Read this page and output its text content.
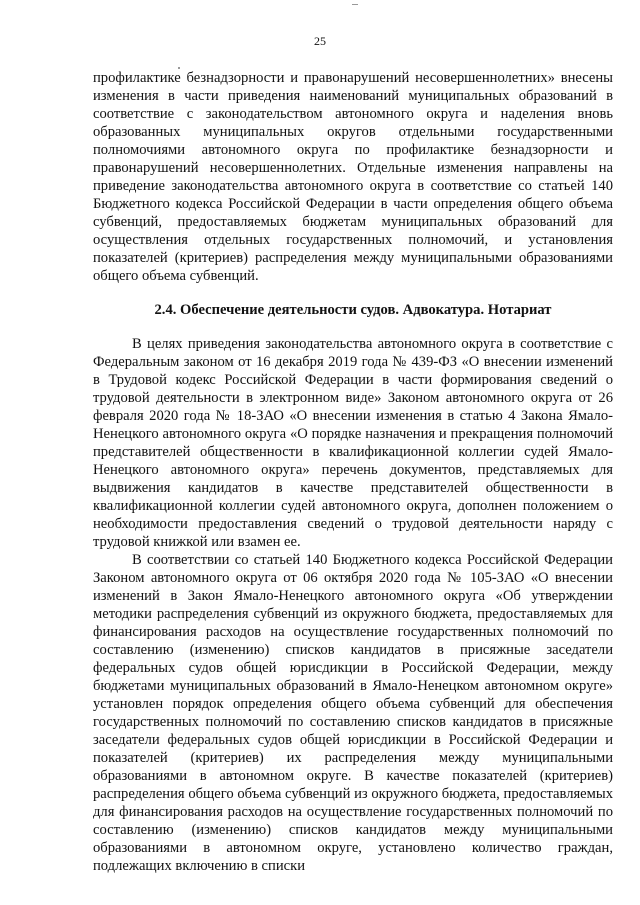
25

профилактике безнадзорности и правонарушений несовершеннолетних» внесены изменения в части приведения наименований муниципальных образований в соответствие с законодательством автономного округа и наделения вновь образованных муниципальных округов отдельными государственными полномочиями автономного округа по профилактике безнадзорности и правонарушений несовершеннолетних. Отдельные изменения направлены на приведение законодательства автономного округа в соответствие со статьей 140 Бюджетного кодекса Российской Федерации в части определения общего объема субвенций, предоставляемых бюджетам муниципальных образований для осуществления отдельных государственных полномочий, и установления показателей (критериев) распределения между муниципальными образованиями общего объема субвенций.

2.4. Обеспечение деятельности судов. Адвокатура. Нотариат

В целях приведения законодательства автономного округа в соответствие с Федеральным законом от 16 декабря 2019 года № 439-ФЗ «О внесении изменений в Трудовой кодекс Российской Федерации в части формирования сведений о трудовой деятельности в электронном виде» Законом автономного округа от 26 февраля 2020 года № 18-ЗАО «О внесении изменения в статью 4 Закона Ямало-Ненецкого автономного округа «О порядке назначения и прекращения полномочий представителей общественности в квалификационной коллегии судей Ямало-Ненецкого автономного округа» перечень документов, представляемых для выдвижения кандидатов в качестве представителей общественности в квалификационной коллегии судей автономного округа, дополнен положением о необходимости предоставления сведений о трудовой деятельности наряду с трудовой книжкой или взамен ее.

В соответствии со статьей 140 Бюджетного кодекса Российской Федерации Законом автономного округа от 06 октября 2020 года № 105-ЗАО «О внесении изменений в Закон Ямало-Ненецкого автономного округа «Об утверждении методики распределения субвенций из окружного бюджета, предоставляемых для финансирования расходов на осуществление государственных полномочий по составлению (изменению) списков кандидатов в присяжные заседатели федеральных судов общей юрисдикции в Российской Федерации, между бюджетами муниципальных образований в Ямало-Ненецком автономном округе» установлен порядок определения общего объема субвенций для обеспечения государственных полномочий по составлению списков кандидатов в присяжные заседатели федеральных судов общей юрисдикции в Российской Федерации и показателей (критериев) их распределения между муниципальными образованиями в автономном округе. В качестве показателей (критериев) распределения общего объема субвенций из окружного бюджета, предоставляемых для финансирования расходов на осуществление государственных полномочий по составлению (изменению) списков кандидатов между муниципальными образованиями в автономном округе, установлено количество граждан, подлежащих включению в списки
